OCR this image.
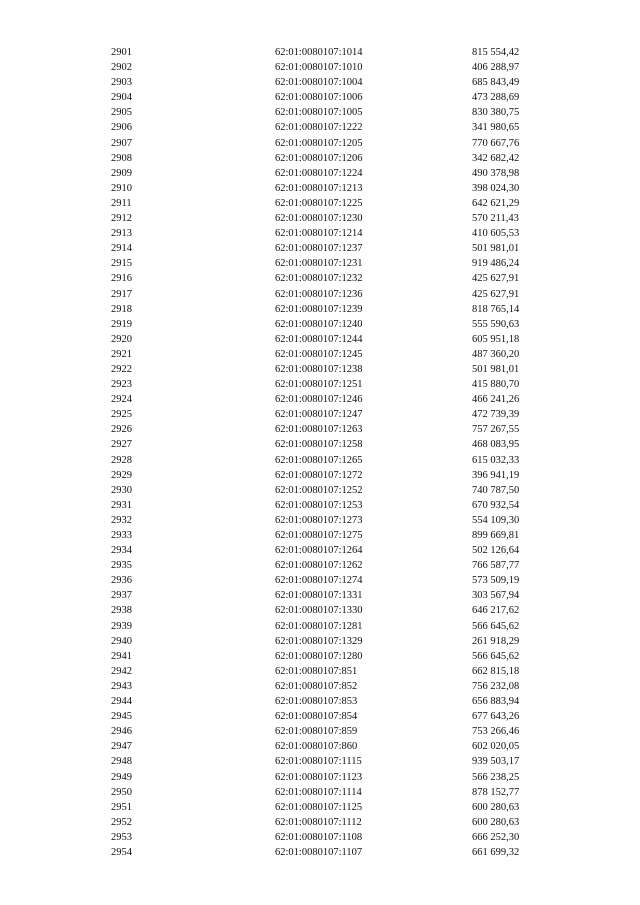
2901	62:01:0080107:1014	815 554,42
2902	62:01:0080107:1010	406 288,97
2903	62:01:0080107:1004	685 843,49
2904	62:01:0080107:1006	473 288,69
2905	62:01:0080107:1005	830 380,75
2906	62:01:0080107:1222	341 980,65
2907	62:01:0080107:1205	770 667,76
2908	62:01:0080107:1206	342 682,42
2909	62:01:0080107:1224	490 378,98
2910	62:01:0080107:1213	398 024,30
2911	62:01:0080107:1225	642 621,29
2912	62:01:0080107:1230	570 211,43
2913	62:01:0080107:1214	410 605,53
2914	62:01:0080107:1237	501 981,01
2915	62:01:0080107:1231	919 486,24
2916	62:01:0080107:1232	425 627,91
2917	62:01:0080107:1236	425 627,91
2918	62:01:0080107:1239	818 765,14
2919	62:01:0080107:1240	555 590,63
2920	62:01:0080107:1244	605 951,18
2921	62:01:0080107:1245	487 360,20
2922	62:01:0080107:1238	501 981,01
2923	62:01:0080107:1251	415 880,70
2924	62:01:0080107:1246	466 241,26
2925	62:01:0080107:1247	472 739,39
2926	62:01:0080107:1263	757 267,55
2927	62:01:0080107:1258	468 083,95
2928	62:01:0080107:1265	615 032,33
2929	62:01:0080107:1272	396 941,19
2930	62:01:0080107:1252	740 787,50
2931	62:01:0080107:1253	670 932,54
2932	62:01:0080107:1273	554 109,30
2933	62:01:0080107:1275	899 669,81
2934	62:01:0080107:1264	502 126,64
2935	62:01:0080107:1262	766 587,77
2936	62:01:0080107:1274	573 509,19
2937	62:01:0080107:1331	303 567,94
2938	62:01:0080107:1330	646 217,62
2939	62:01:0080107:1281	566 645,62
2940	62:01:0080107:1329	261 918,29
2941	62:01:0080107:1280	566 645,62
2942	62:01:0080107:851	662 815,18
2943	62:01:0080107:852	756 232,08
2944	62:01:0080107:853	656 883,94
2945	62:01:0080107:854	677 643,26
2946	62:01:0080107:859	753 266,46
2947	62:01:0080107:860	602 020,05
2948	62:01:0080107:1115	939 503,17
2949	62:01:0080107:1123	566 238,25
2950	62:01:0080107:1114	878 152,77
2951	62:01:0080107:1125	600 280,63
2952	62:01:0080107:1112	600 280,63
2953	62:01:0080107:1108	666 252,30
2954	62:01:0080107:1107	661 699,32
